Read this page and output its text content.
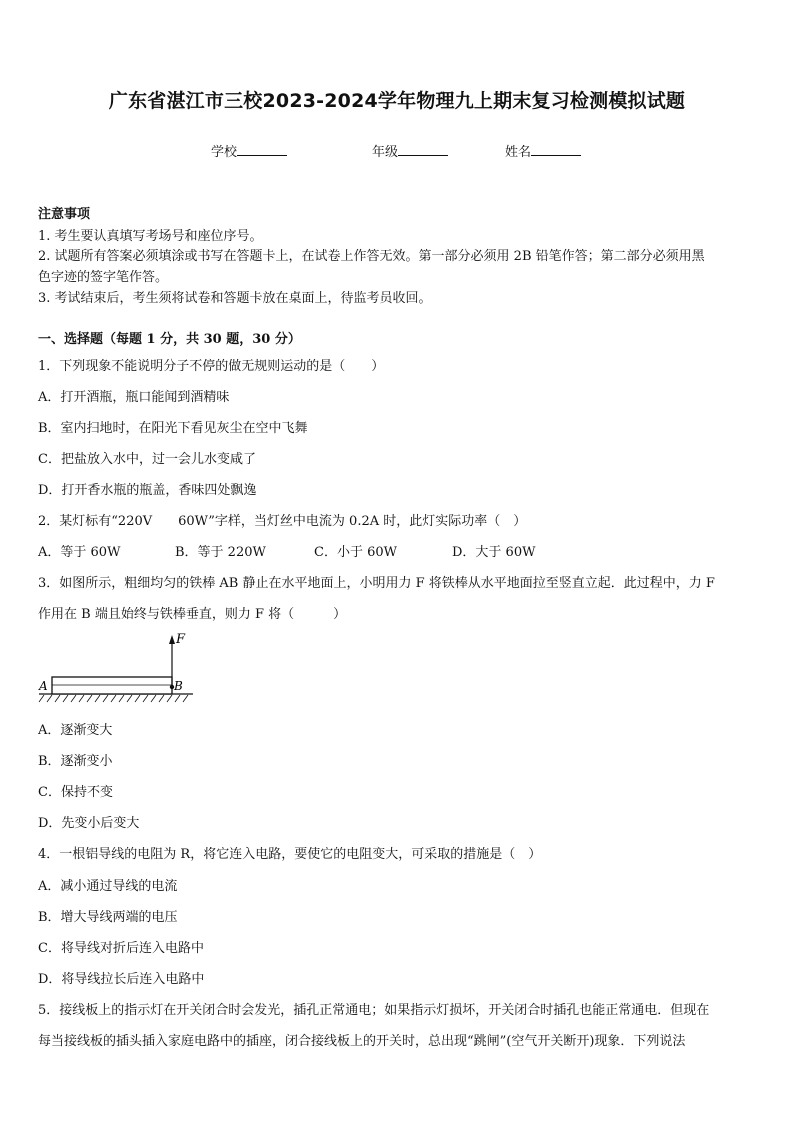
广东省湛江市三校2023-2024学年物理九上期末复习检测模拟试题
学校	年级	姓名
注意事项
1. 考生要认真填写考场号和座位序号。
2. 试题所有答案必须填涂或书写在答题卡上，在试卷上作答无效。第一部分必须用 2B 铅笔作答；第二部分必须用黑
色字迹的签字笔作答。
3. 考试结束后，考生须将试卷和答题卡放在桌面上，待监考员收回。
一、选择题（每题 1 分，共 30 题，30 分）
1．下列现象不能说明分子不停的做无规则运动的是（　　）
A．打开酒瓶，瓶口能闻到酒精味
B．室内扫地时，在阳光下看见灰尘在空中飞舞
C．把盐放入水中，过一会儿水变咸了
D．打开香水瓶的瓶盖，香味四处飘逸
2．某灯标有“220V　　60W”字样，当灯丝中电流为 0.2A 时，此灯实际功率（　）
A．等于 60W	B．等于 220W	C．小于 60W	D．大于 60W
3．如图所示，粗细均匀的铁棒 AB 静止在水平地面上，小明用力 F 将铁棒从水平地面拉至竖直立起．此过程中，力 F
作用在 B 端且始终与铁棒垂直，则力 F 将（　　　）
F
A	B
A．逐渐变大
B．逐渐变小
C．保持不变
D．先变小后变大
4．一根铝导线的电阻为 R，将它连入电路，要使它的电阻变大，可采取的措施是（　）
A．减小通过导线的电流
B．增大导线两端的电压
C．将导线对折后连入电路中
D．将导线拉长后连入电路中
5．接线板上的指示灯在开关闭合时会发光，插孔正常通电；如果指示灯损坏，开关闭合时插孔也能正常通电．但现在
每当接线板的插头插入家庭电路中的插座，闭合接线板上的开关时，总出现“跳闸”(空气开关断开)现象．下列说法
